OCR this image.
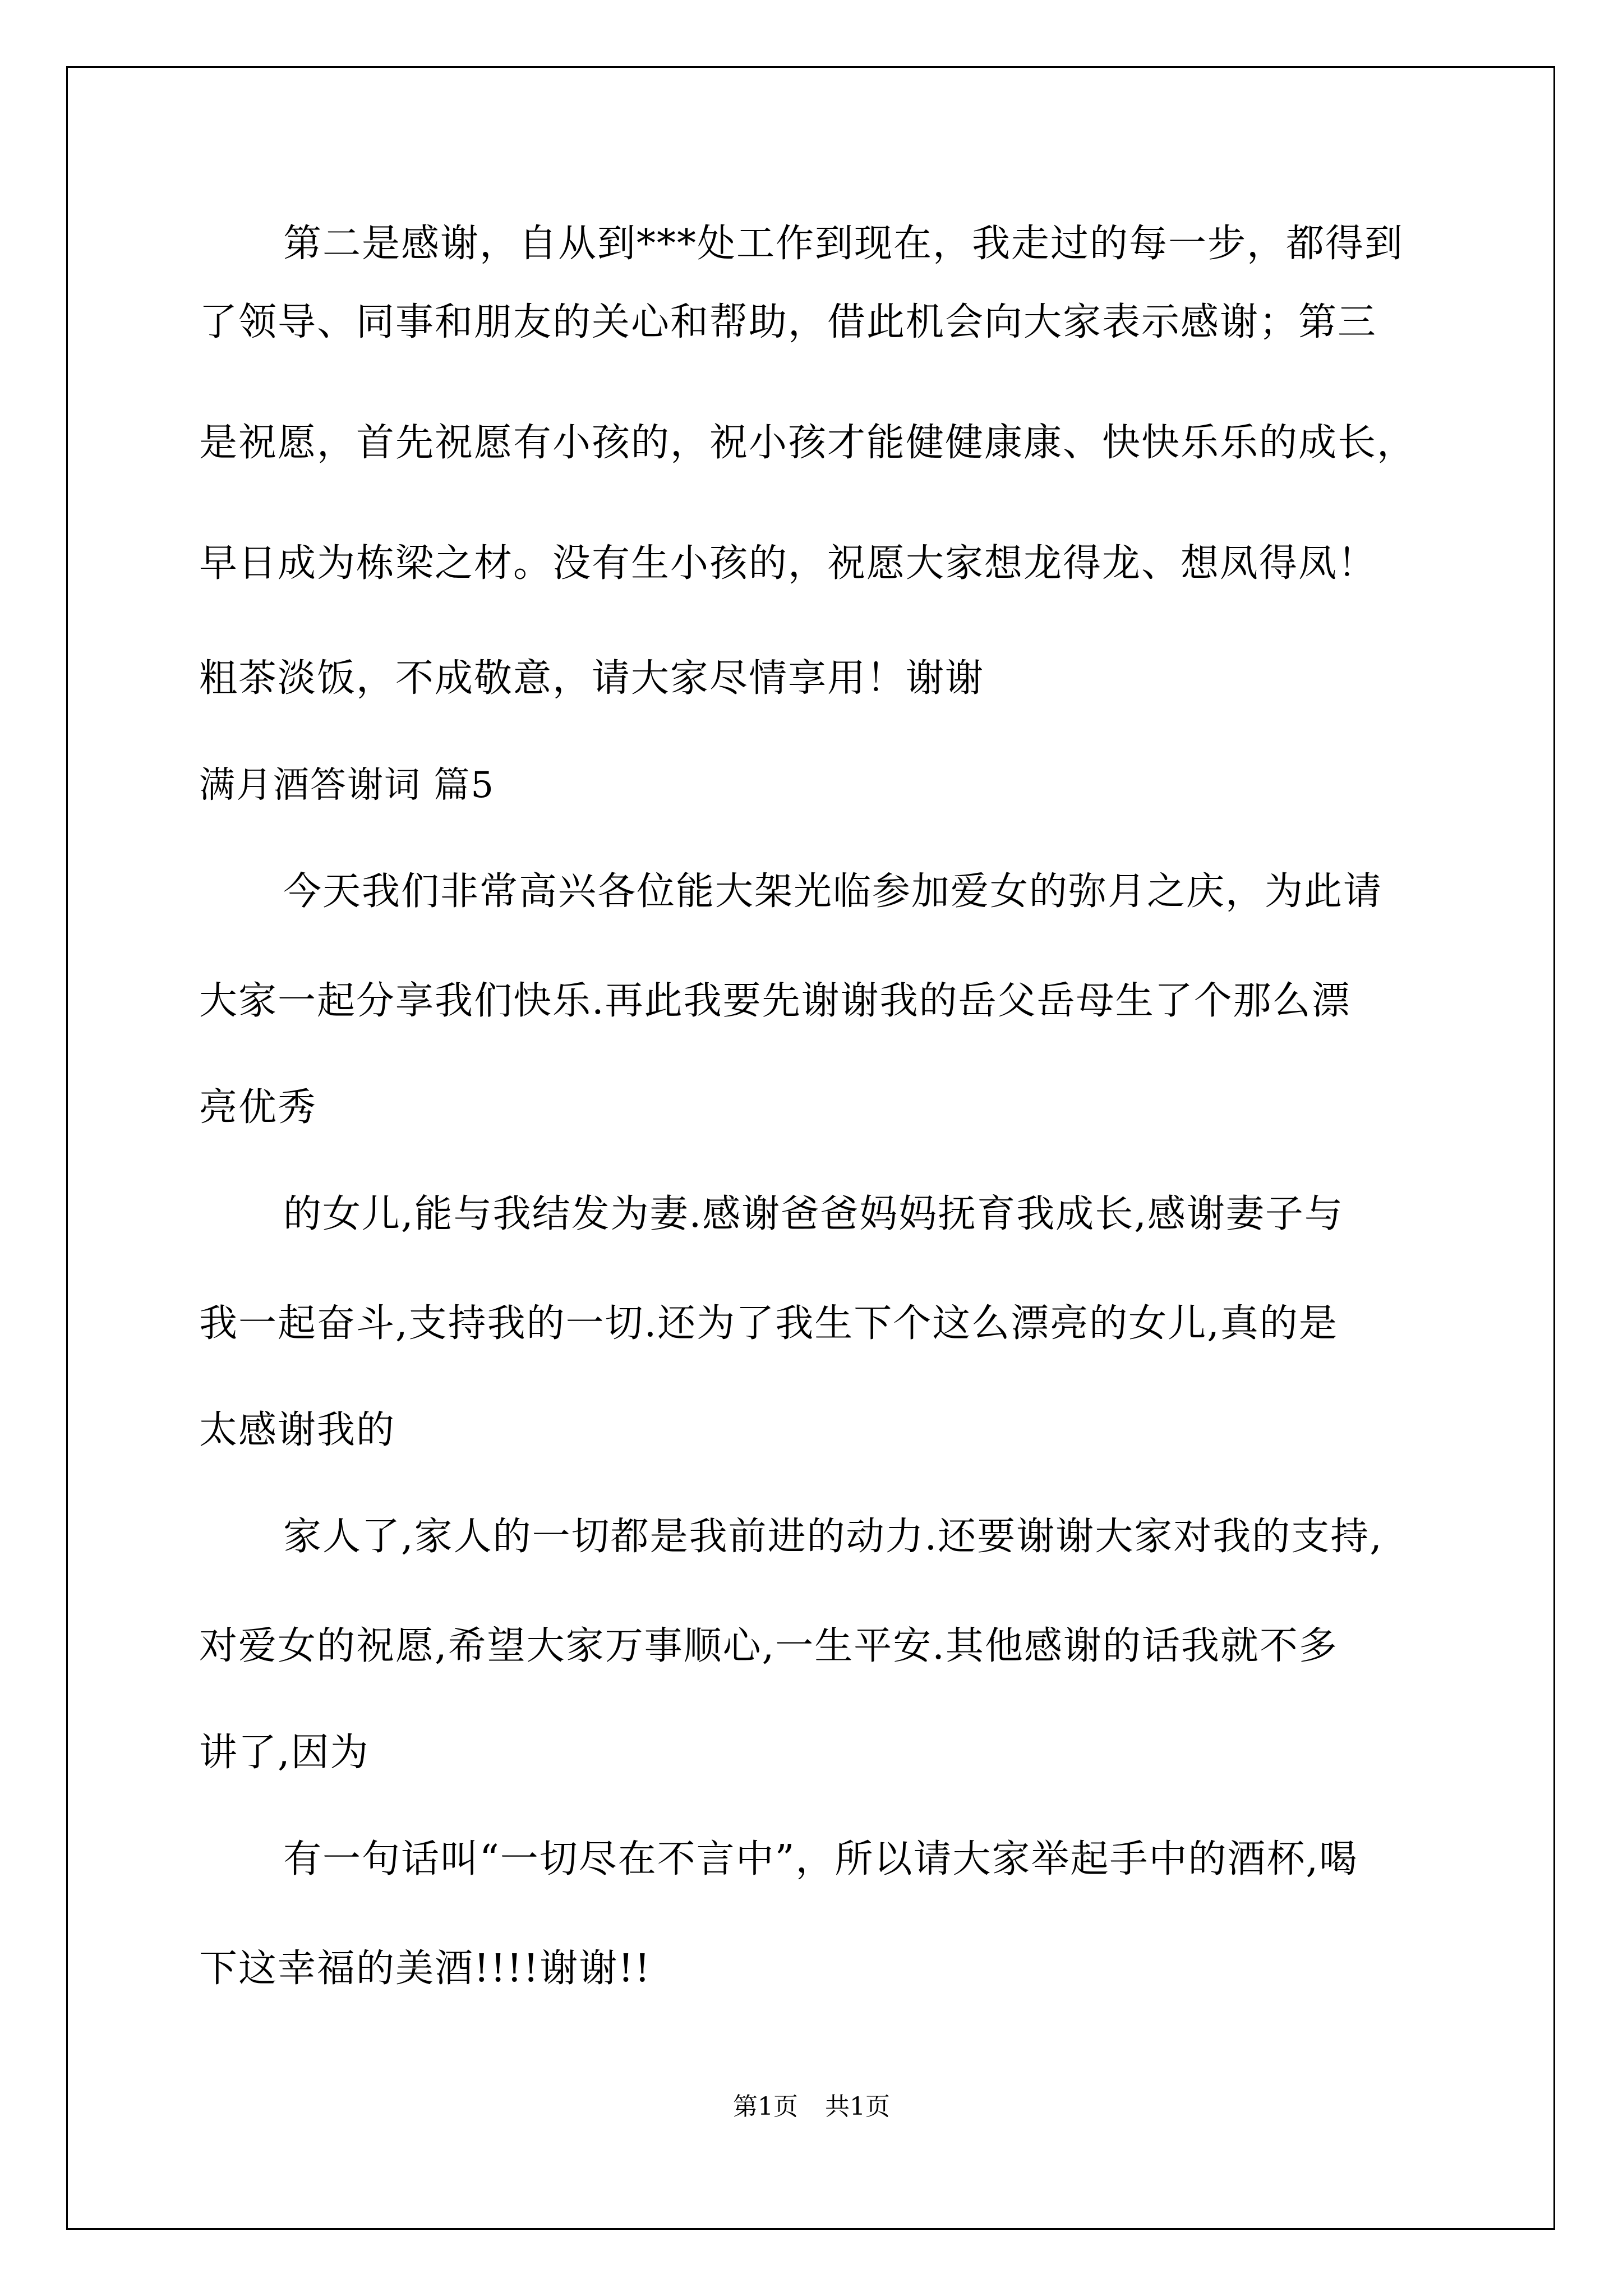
第二是感谢，自从到***处工作到现在，我走过的每一步，都得到
了领导、同事和朋友的关心和帮助，借此机会向大家表示感谢；第三
是祝愿，首先祝愿有小孩的，祝小孩才能健健康康、快快乐乐的成长，
早日成为栋梁之材。没有生小孩的，祝愿大家想龙得龙、想凤得凤！
粗茶淡饭，不成敬意，请大家尽情享用！谢谢
满月酒答谢词 篇5
今天我们非常高兴各位能大架光临参加爱女的弥月之庆，为此请
大家一起分享我们快乐.再此我要先谢谢我的岳父岳母生了个那么漂
亮优秀
的女儿,能与我结发为妻.感谢爸爸妈妈抚育我成长,感谢妻子与
我一起奋斗,支持我的一切.还为了我生下个这么漂亮的女儿,真的是
太感谢我的
家人了,家人的一切都是我前进的动力.还要谢谢大家对我的支持,
对爱女的祝愿,希望大家万事顺心,一生平安.其他感谢的话我就不多
讲了,因为
有一句话叫“一切尽在不言中”，所以请大家举起手中的酒杯,喝
下这幸福的美酒!!!!谢谢!!
第1页 共1页
